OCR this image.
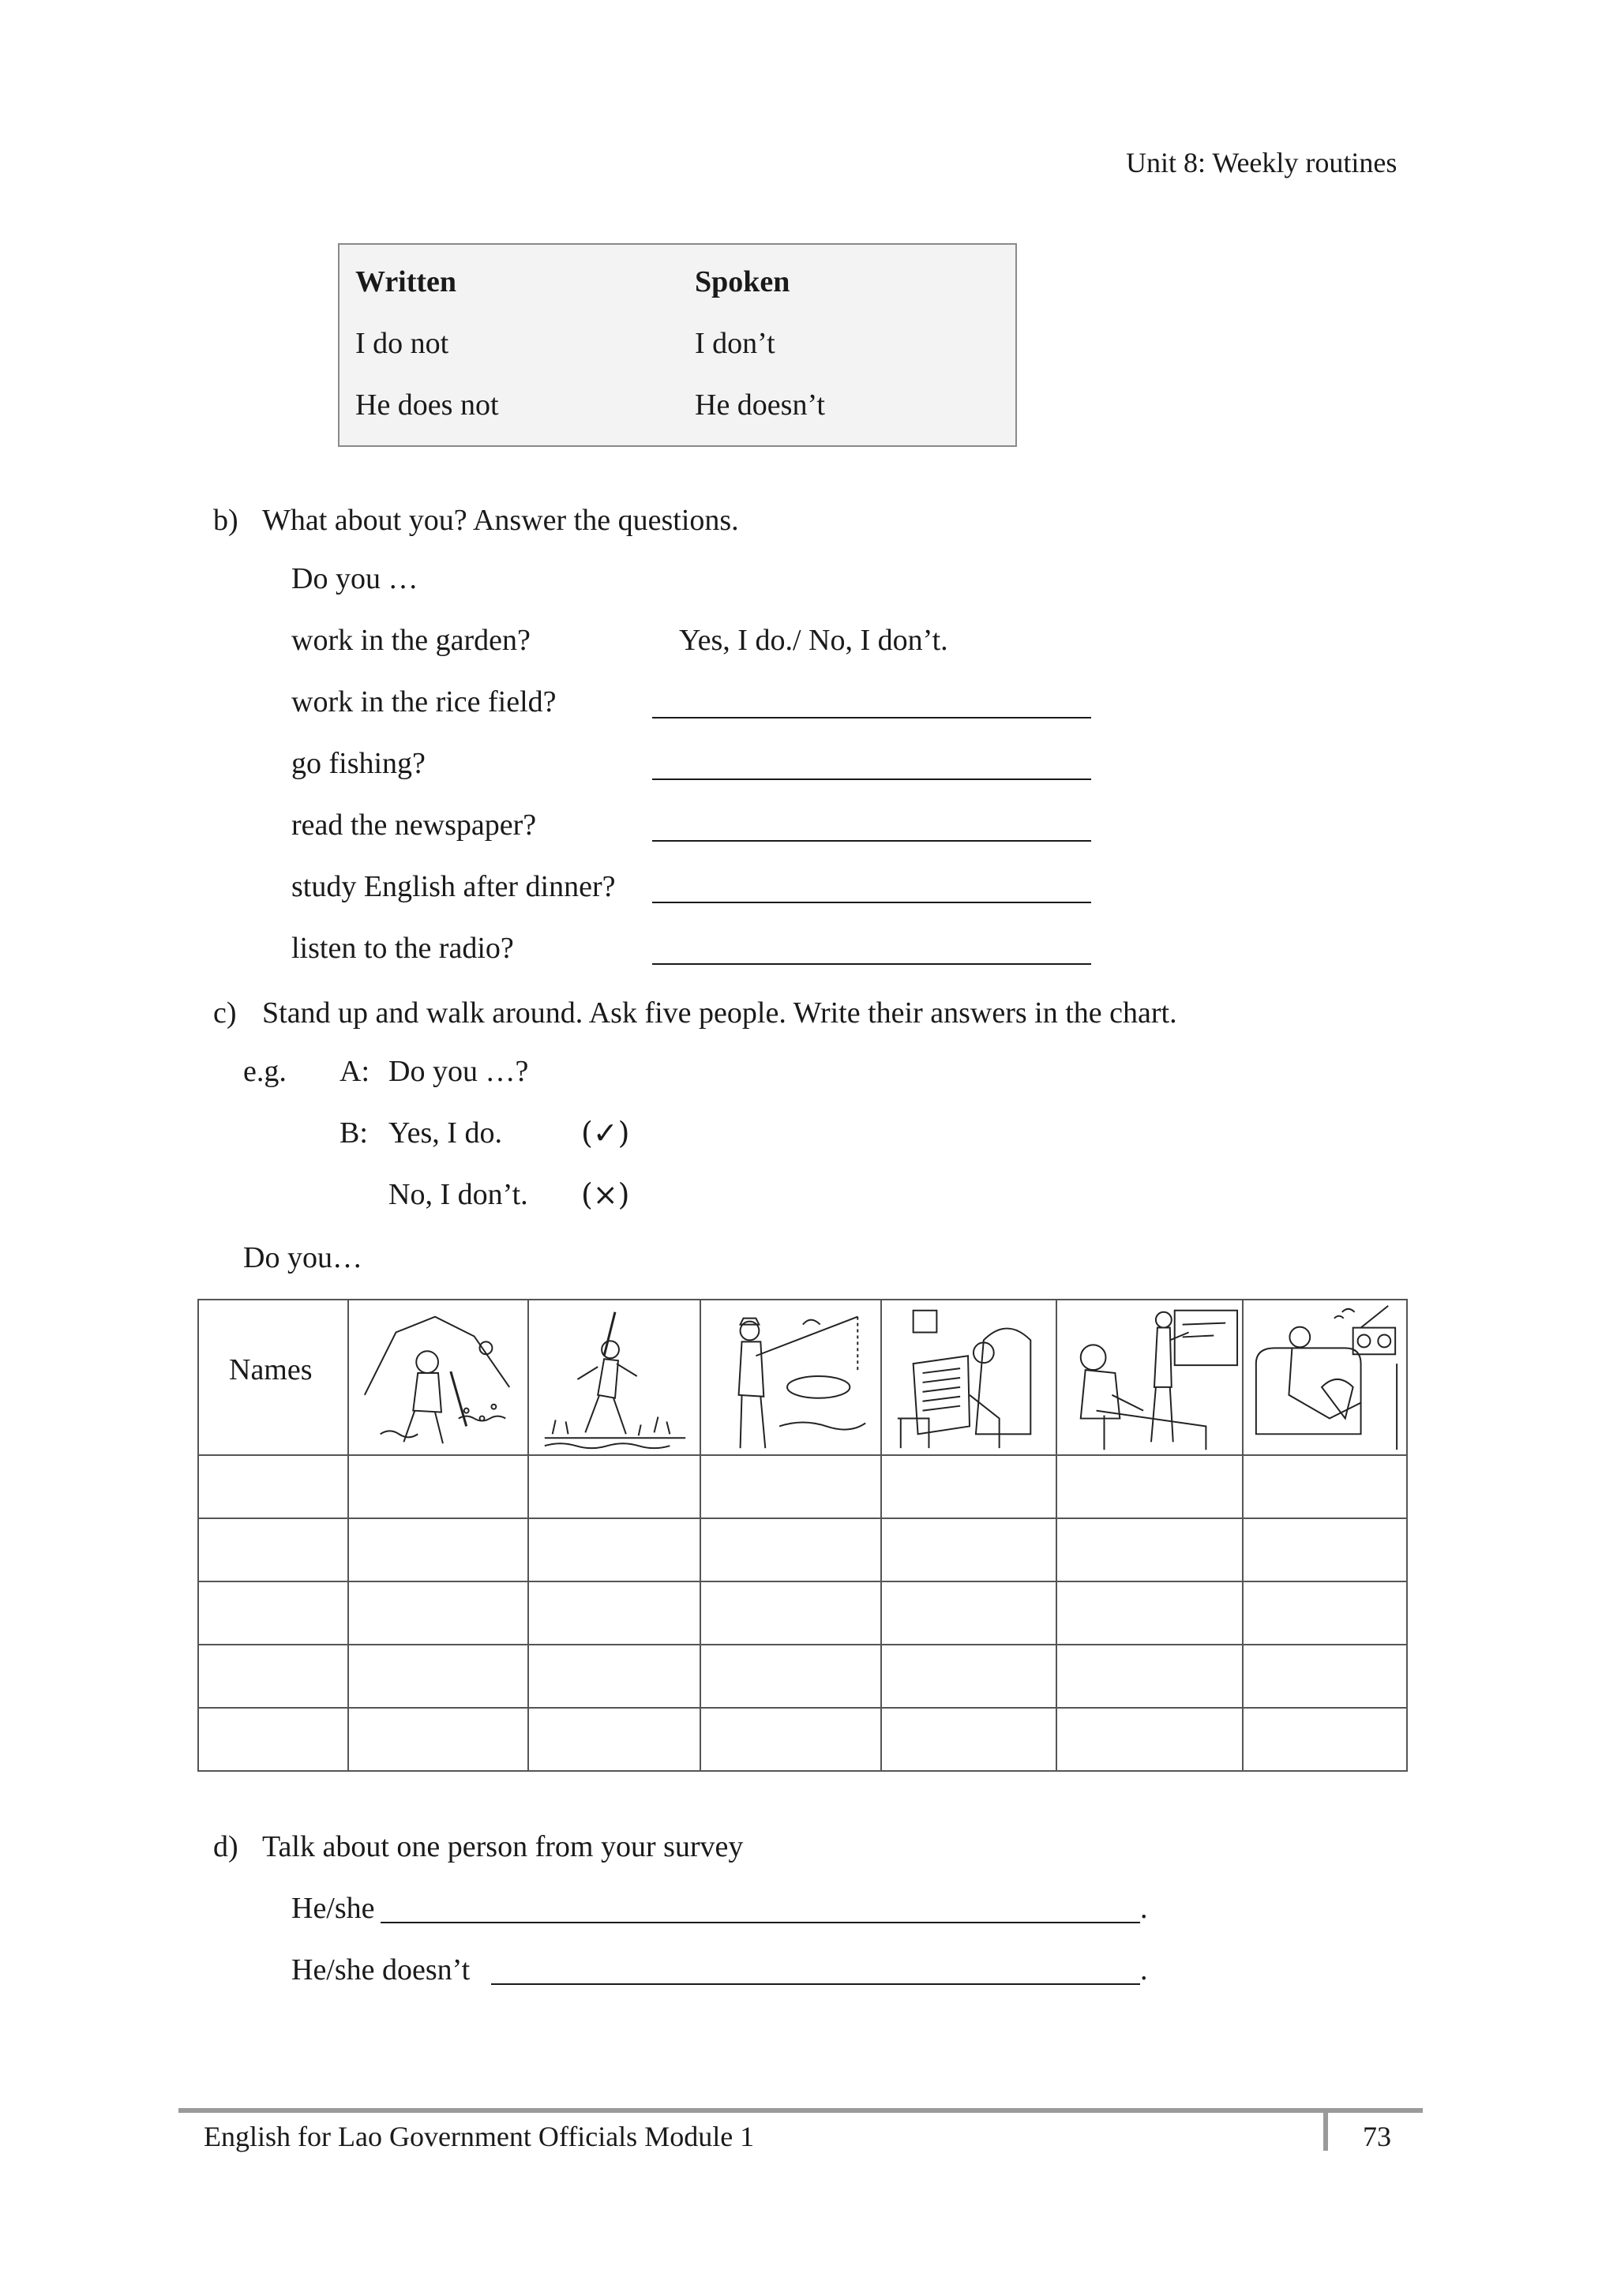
Unit 8: Weekly routines
Written	Spoken
I do not	I don’t
He does not	He doesn’t
b) What about you? Answer the questions.
Do you …
work in the garden?	Yes, I do./ No, I don’t.
work in the rice field?
go fishing?
read the newspaper?
study English after dinner?
listen to the radio?
c) Stand up and walk around. Ask five people. Write their answers in the chart.
e.g. A: Do you …?
B: Yes, I do.	(✓)
No, I don’t. (×)
Do you…
Names	

d) Talk about one person from your survey
He/she	.
He/she doesn’t	.
English for Lao Government Officials Module 1	73
